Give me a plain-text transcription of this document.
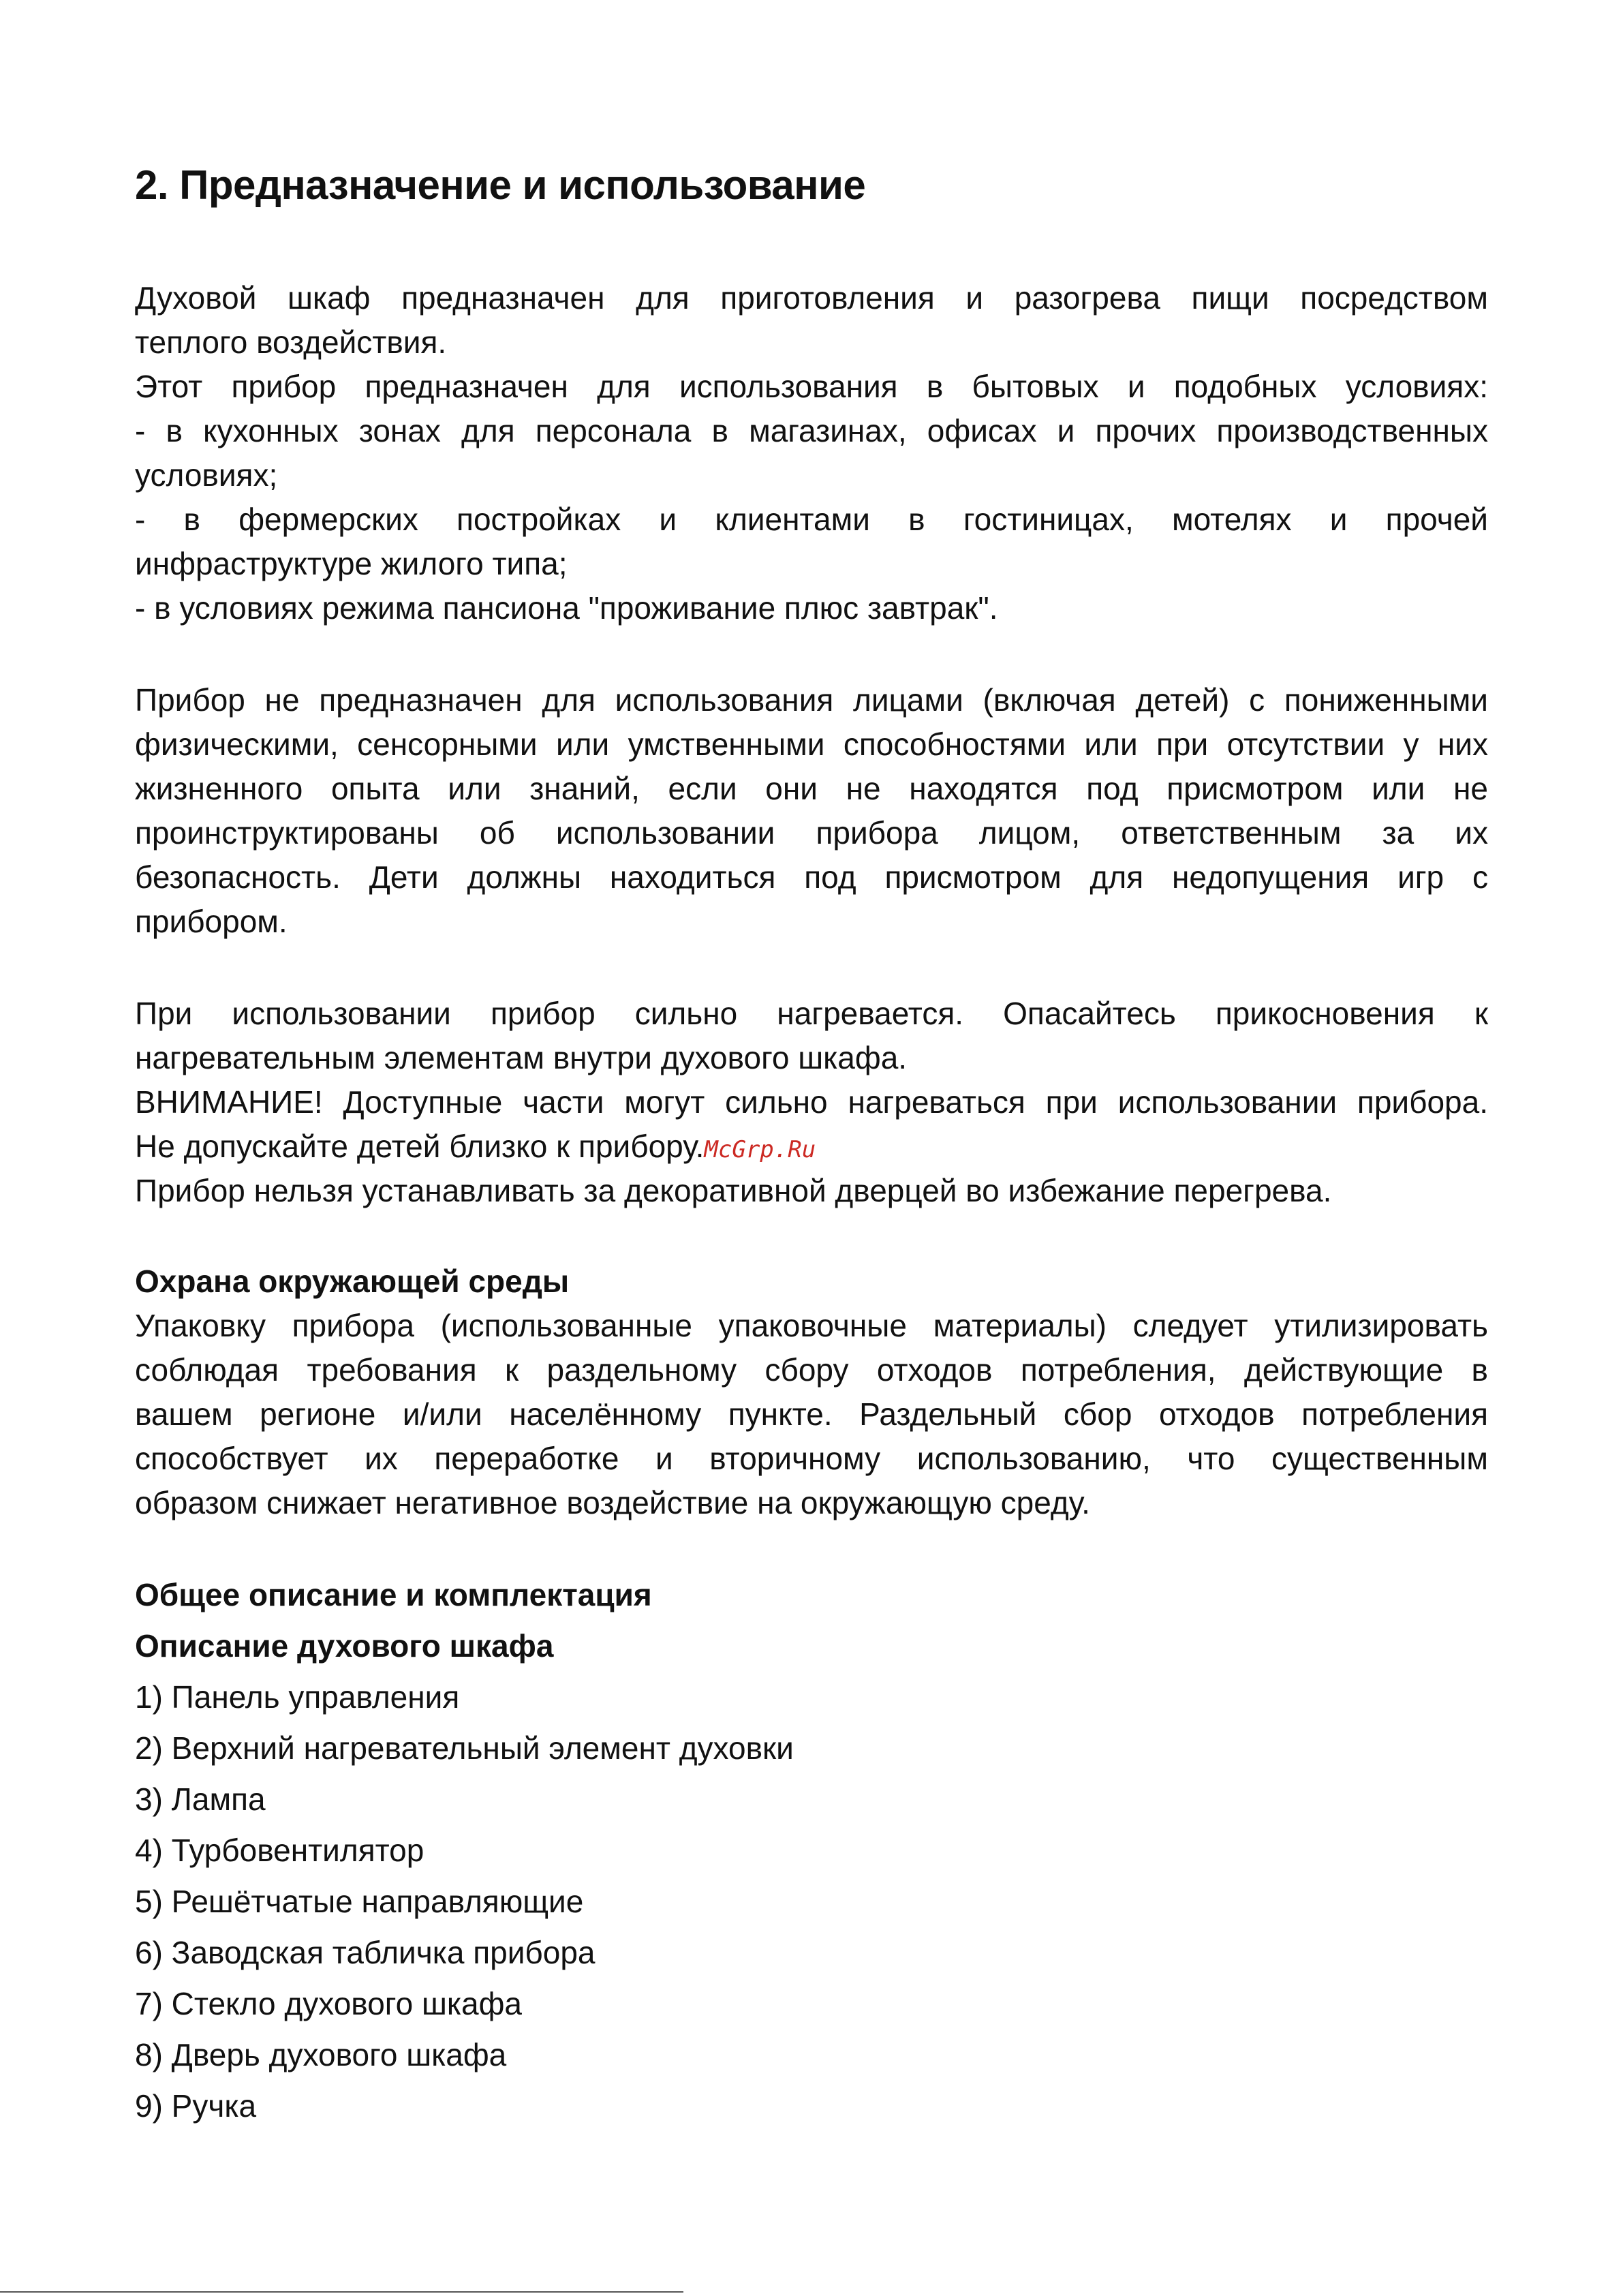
2. Предназначение и использование
Духовой шкаф предназначен для приготовления и разогрева пищи посредством
теплого воздействия.
Этот прибор предназначен для использования в бытовых и подобных условиях:
- в кухонных зонах для персонала в магазинах, офисах и прочих производственных
условиях;
- в фермерских постройках и клиентами в гостиницах, мотелях и прочей
инфраструктуре жилого типа;
- в условиях режима пансиона "проживание плюс завтрак".
Прибор не предназначен для использования лицами (включая детей) с пониженными
физическими, сенсорными или умственными способностями или при отсутствии у них
жизненного опыта или знаний, если они не находятся под присмотром или не
проинструктированы об использовании прибора лицом, ответственным за их
безопасность. Дети должны находиться под присмотром для недопущения игр с
прибором.
При использовании прибор сильно нагревается. Опасайтесь прикосновения к
нагревательным элементам внутри духового шкафа.
ВНИМАНИЕ! Доступные части могут сильно нагреваться при использовании прибора.
Не допускайте детей близко к прибору.McGrp.Ru
Прибор нельзя устанавливать за декоративной дверцей во избежание перегрева.
Охрана окружающей среды
Упаковку прибора (использованные упаковочные материалы) следует утилизировать
соблюдая требования к раздельному сбору отходов потребления, действующие в
вашем регионе и/или населённому пункте. Раздельный сбор отходов потребления
способствует их переработке и вторичному использованию, что существенным
образом снижает негативное воздействие на окружающую среду.
Общее описание и комплектация
Описание духового шкафа
1) Панель управления
2) Верхний нагревательный элемент духовки
3) Лампа
4) Турбовентилятор
5) Решётчатые направляющие
6) Заводская табличка прибора
7) Стекло духового шкафа
8) Дверь духового шкафа
9) Ручка
